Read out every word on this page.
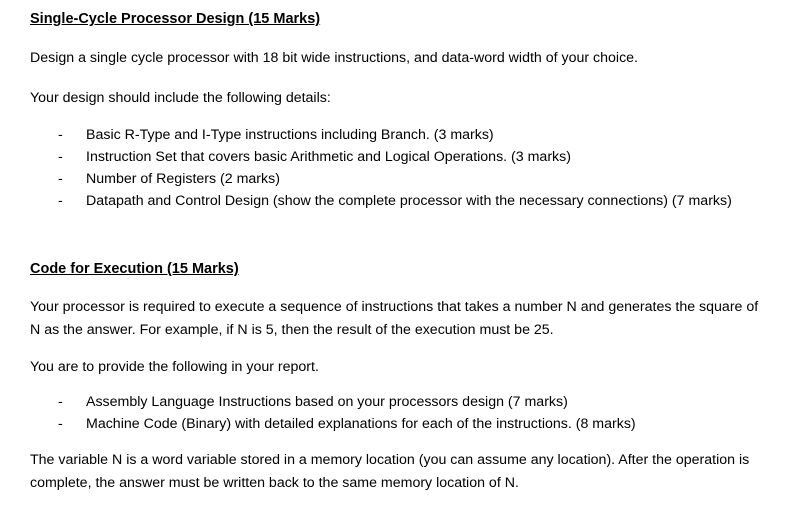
Single-Cycle Processor Design (15 Marks)

Design a single cycle processor with 18 bit wide instructions, and data-word width of your choice.

Your design should include the following details:

- Basic R-Type and I-Type instructions including Branch. (3 marks)
- Instruction Set that covers basic Arithmetic and Logical Operations. (3 marks)
- Number of Registers (2 marks)
- Datapath and Control Design (show the complete processor with the necessary connections) (7 marks)
Code for Execution (15 Marks)

Your processor is required to execute a sequence of instructions that takes a number N and generates the square of N as the answer. For example, if N is 5, then the result of the execution must be 25.

You are to provide the following in your report.

- Assembly Language Instructions based on your processors design (7 marks)
- Machine Code (Binary) with detailed explanations for each of the instructions. (8 marks)

The variable N is a word variable stored in a memory location (you can assume any location). After the operation is complete, the answer must be written back to the same memory location of N.
